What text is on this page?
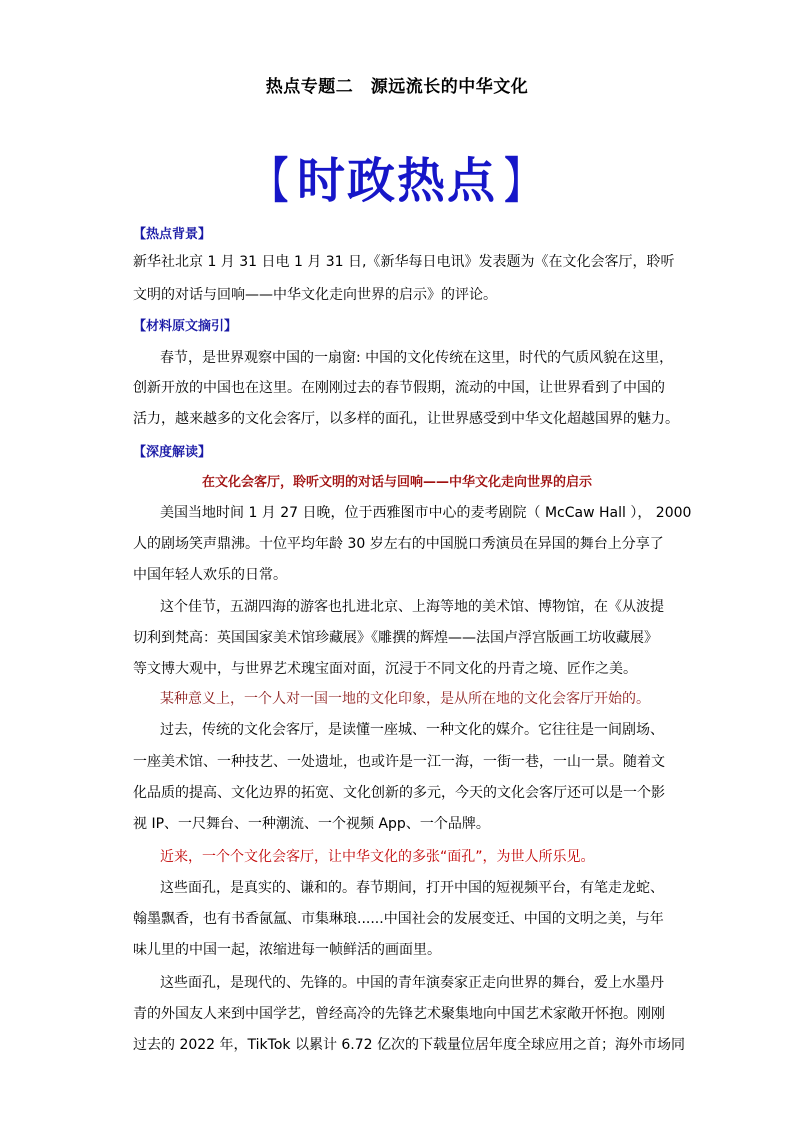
热点专题二　源远流长的中华文化
【 时政热点 】
【热点背景】
新华社北京 1 月 31 日电 1 月 31 日,《新华每日电讯》发表题为《在文化会客厅，聆听
文明的对话与回响——中华文化走向世界的启示》的评论。
【材料原文摘引】
春节，是世界观察中国的一扇窗: 中国的文化传统在这里，时代的气质风貌在这里，
创新开放的中国也在这里。在刚刚过去的春节假期，流动的中国，让世界看到了中国的
活力，越来越多的文化会客厅，以多样的面孔，让世界感受到中华文化超越国界的魅力。
【深度解读】
在文化会客厅，聆听文明的对话与回响——中华文化走向世界的启示
美国当地时间 1 月 27 日晚，位于西雅图市中心的麦考剧院（ McCaw Hall ）， 2000
人的剧场笑声鼎沸。十位平均年龄 30 岁左右的中国脱口秀演员在异国的舞台上分享了
中国年轻人欢乐的日常。
这个佳节，五湖四海的游客也扎进北京、上海等地的美术馆、博物馆，在《从波提
切利到梵高：英国国家美术馆珍藏展》《雕撰的辉煌——法国卢浮宫版画工坊收藏展》
等文博大观中，与世界艺术瑰宝面对面，沉浸于不同文化的丹青之境、匠作之美。
某种意义上，一个人对一国一地的文化印象，是从所在地的文化会客厅开始的。
过去，传统的文化会客厅，是读懂一座城、一种文化的媒介。它往往是一间剧场、
一座美术馆、一种技艺、一处遗址，也或许是一江一海，一街一巷，一山一景。随着文
化品质的提高、文化边界的拓宽、文化创新的多元，今天的文化会客厅还可以是一个影
视 IP、一尺舞台、一种潮流、一个视频 App、一个品牌。
近来，一个个文化会客厅，让中华文化的多张“面孔”，为世人所乐见。
这些面孔，是真实的、谦和的。春节期间，打开中国的短视频平台，有笔走龙蛇、
翰墨飘香，也有书香氤氲、市集琳琅......中国社会的发展变迁、中国的文明之美，与年
味儿里的中国一起，浓缩进每一帧鲜活的画面里。
这些面孔，是现代的、先锋的。中国的青年演奏家正走向世界的舞台，爱上水墨丹
青的外国友人来到中国学艺，曾经高冷的先锋艺术聚集地向中国艺术家敞开怀抱。刚刚
过去的 2022 年，TikTok 以累计 6.72 亿次的下载量位居年度全球应用之首；海外市场同
